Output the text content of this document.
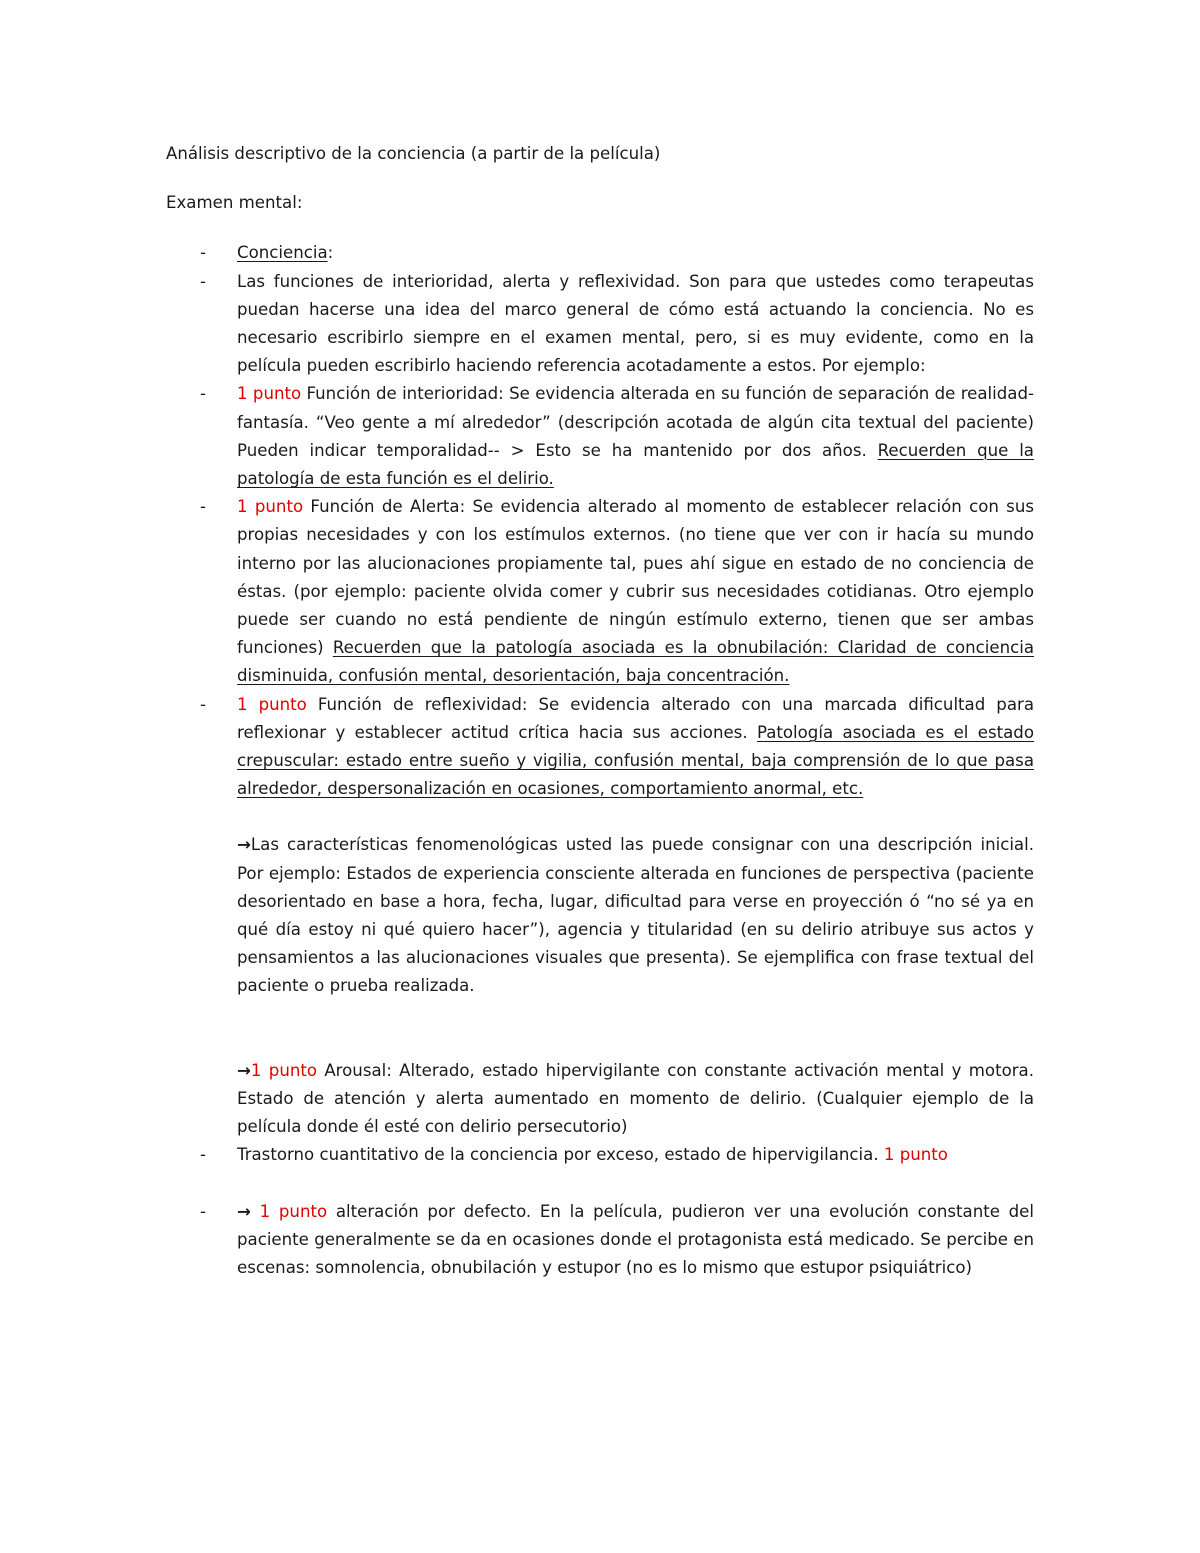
Análisis descriptivo de la conciencia (a partir de la película)

Examen mental:

- Conciencia:
- Las funciones de interioridad, alerta y reflexividad. Son para que ustedes como terapeutas puedan hacerse una idea del marco general de cómo está actuando la conciencia. No es necesario escribirlo siempre en el examen mental, pero, si es muy evidente, como en la película pueden escribirlo haciendo referencia acotadamente a estos. Por ejemplo:
- 1 punto Función de interioridad: Se evidencia alterada en su función de separación de realidad- fantasía. “Veo gente a mí alrededor” (descripción acotada de algún cita textual del paciente) Pueden indicar temporalidad-- > Esto se ha mantenido por dos años. Recuerden que la patología de esta función es el delirio.
- 1 punto Función de Alerta: Se evidencia alterado al momento de establecer relación con sus propias necesidades y con los estímulos externos. (no tiene que ver con ir hacía su mundo interno por las alucionaciones propiamente tal, pues ahí sigue en estado de no conciencia de éstas. (por ejemplo: paciente olvida comer y cubrir sus necesidades cotidianas. Otro ejemplo puede ser cuando no está pendiente de ningún estímulo externo, tienen que ser ambas funciones) Recuerden que la patología asociada es la obnubilación: Claridad de conciencia disminuida, confusión mental, desorientación, baja concentración.
- 1 punto Función de reflexividad: Se evidencia alterado con una marcada dificultad para reflexionar y establecer actitud crítica hacia sus acciones. Patología asociada es el estado crepuscular: estado entre sueño y vigilia, confusión mental, baja comprensión de lo que pasa alrededor, despersonalización en ocasiones, comportamiento anormal, etc.
→Las características fenomenológicas usted las puede consignar con una descripción inicial. Por ejemplo: Estados de experiencia consciente alterada en funciones de perspectiva (paciente desorientado en base a hora, fecha, lugar, dificultad para verse en proyección ó “no sé ya en qué día estoy ni qué quiero hacer”), agencia y titularidad (en su delirio atribuye sus actos y pensamientos a las alucionaciones visuales que presenta). Se ejemplifica con frase textual del paciente o prueba realizada.
→1 punto Arousal: Alterado, estado hipervigilante con constante activación mental y motora. Estado de atención y alerta aumentado en momento de delirio. (Cualquier ejemplo de la película donde él esté con delirio persecutorio)
- Trastorno cuantitativo de la conciencia por exceso, estado de hipervigilancia. 1 punto
- → 1 punto alteración por defecto. En la película, pudieron ver una evolución constante del paciente generalmente se da en ocasiones donde el protagonista está medicado. Se percibe en escenas: somnolencia, obnubilación y estupor (no es lo mismo que estupor psiquiátrico)
